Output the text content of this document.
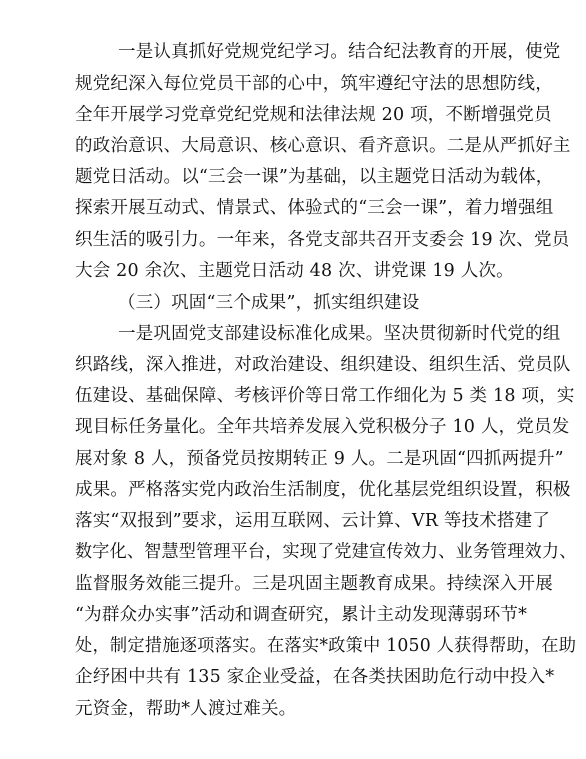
一是认真抓好党规党纪学习。结合纪法教育的开展，使党
规党纪深入每位党员干部的心中，筑牢遵纪守法的思想防线，
全年开展学习党章党纪党规和法律法规 20 项，不断增强党员
的政治意识、大局意识、核心意识、看齐意识。二是从严抓好主
题党日活动。以“三会一课”为基础，以主题党日活动为载体，
探索开展互动式、情景式、体验式的“三会一课”，着力增强组
织生活的吸引力。一年来，各党支部共召开支委会 19 次、党员
大会 20 余次、主题党日活动 48 次、讲党课 19 人次。
（三）巩固“三个成果”，抓实组织建设
一是巩固党支部建设标准化成果。坚决贯彻新时代党的组
织路线，深入推进，对政治建设、组织建设、组织生活、党员队
伍建设、基础保障、考核评价等日常工作细化为 5 类 18 项，实
现目标任务量化。全年共培养发展入党积极分子 10 人，党员发
展对象 8 人，预备党员按期转正 9 人。二是巩固“四抓两提升”
成果。严格落实党内政治生活制度，优化基层党组织设置，积极
落实“双报到”要求，运用互联网、云计算、VR 等技术搭建了
数字化、智慧型管理平台，实现了党建宣传效力、业务管理效力、
监督服务效能三提升。三是巩固主题教育成果。持续深入开展
“为群众办实事”活动和调查研究，累计主动发现薄弱环节*
处，制定措施逐项落实。在落实*政策中 1050 人获得帮助，在助
企纾困中共有 135 家企业受益，在各类扶困助危行动中投入*
元资金，帮助*人渡过难关。
